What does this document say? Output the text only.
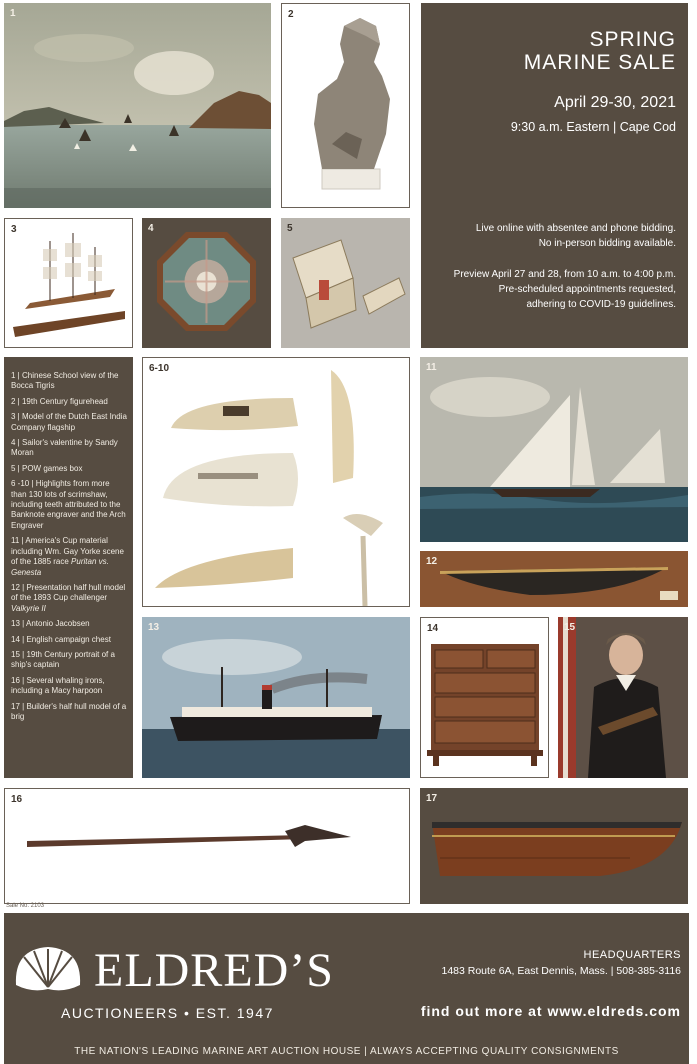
1	2
SPRING
MARINE SALE
April 29-30, 2021
9:30 a.m. Eastern | Cape Cod
Live online with absentee and phone bidding.
No in-person bidding available.
Preview April 27 and 28, from 10 a.m. to 4:00 p.m.
Pre-scheduled appointments requested,
adhering to COVID-19 guidelines.
3	4	5
1 | Chinese School view of the Bocca Tigris
2 | 19th Century figurehead
3 | Model of the Dutch East India Company flagship
4 | Sailor's valentine by Sandy Moran
5 | POW games box
6 -10 | Highlights from more than 130 lots of scrimshaw, including teeth attributed to the Banknote engraver and the Arch Engraver
11 | America's Cup material including Wm. Gay Yorke scene of the 1885 race Puritan vs. Genesta
12 | Presentation half hull model of the 1893 Cup challenger Valkyrie II
13 | Antonio Jacobsen
14 | English campaign chest
15 | 19th Century portrait of a ship's captain
16 | Several whaling irons, including a Macy harpoon
17 | Builder's half hull model of a brig
6-10	11
12
13	14	15
16	17
Sale No. 2103
ELDRED’S
AUCTIONEERS • EST. 1947
HEADQUARTERS
1483 Route 6A, East Dennis, Mass. | 508-385-3116
find out more at www.eldreds.com
THE NATION'S LEADING MARINE ART AUCTION HOUSE | ALWAYS ACCEPTING QUALITY CONSIGNMENTS
